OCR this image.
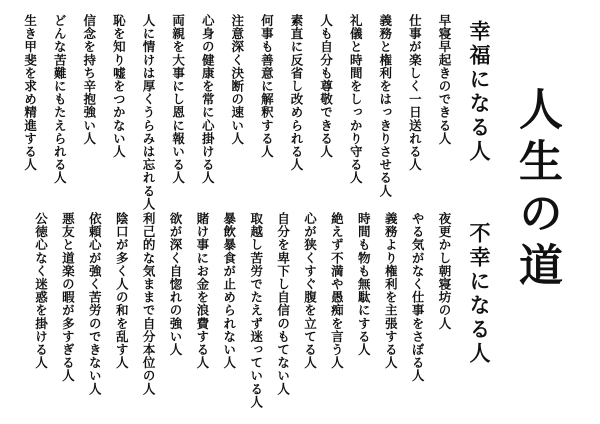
人生の道
幸福になる人
不幸になる人
早寝早起きのできる人
仕事が楽しく一日送れる人
義務と権利をはっきりさせる人
礼儀と時間をしっかり守る人
人も自分も尊敬できる人
素直に反省し改められる人
何事も善意に解釈する人
注意深く決断の速い人
心身の健康を常に心掛ける人
両親を大事にし恩に報いる人
人に情けは厚くうらみは忘れる人
恥を知り嘘をつかない人
信念を持ち辛抱強い人
どんな苦難にもたえられる人
生き甲斐を求め精進する人
夜更かし朝寝坊の人
やる気がなく仕事をさぼる人
義務より権利を主張する人
時間も物も無駄にする人
絶えず不満や愚痴を言う人
心が狭くすぐ腹を立てる人
自分を卑下し自信のもてない人
取越し苦労でたえず迷っている人
暴飲暴食が止められない人
賭け事にお金を浪費する人
欲が深く自惚れの強い人
利己的な気ままで自分本位の人
陰口が多く人の和を乱す人
依頼心が強く苦労のできない人
悪友と道楽の暇が多すぎる人
公徳心なく迷惑を掛ける人
